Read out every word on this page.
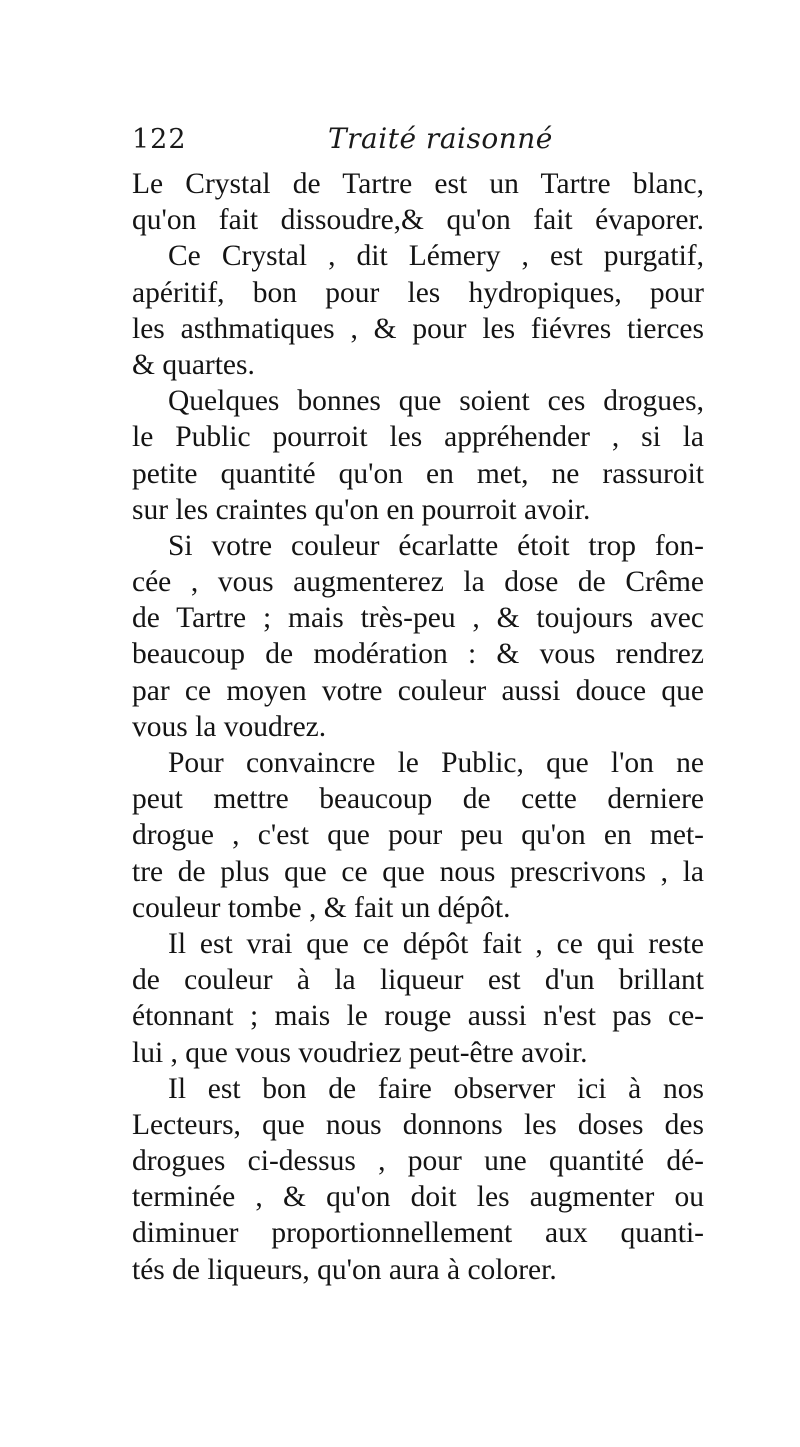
122	Traité raisonné
Le Crystal de Tartre est un Tartre blanc,
qu'on fait dissoudre,& qu'on fait évaporer.
Ce Crystal , dit Lémery , est purgatif,
apéritif, bon pour les hydropiques, pour
les asthmatiques , & pour les fiévres tierces
& quartes.
Quelques bonnes que soient ces drogues,
le Public pourroit les appréhender , si la
petite quantité qu'on en met, ne rassuroit
sur les craintes qu'on en pourroit avoir.
Si votre couleur écarlatte étoit trop fon-
cée , vous augmenterez la dose de Crême
de Tartre ; mais très-peu , & toujours avec
beaucoup de modération : & vous rendrez
par ce moyen votre couleur aussi douce que
vous la voudrez.
Pour convaincre le Public, que l'on ne
peut mettre beaucoup de cette derniere
drogue , c'est que pour peu qu'on en met-
tre de plus que ce que nous prescrivons , la
couleur tombe , & fait un dépôt.
Il est vrai que ce dépôt fait , ce qui reste
de couleur à la liqueur est d'un brillant
étonnant ; mais le rouge aussi n'est pas ce-
lui , que vous voudriez peut-être avoir.
Il est bon de faire observer ici à nos
Lecteurs, que nous donnons les doses des
drogues ci-dessus , pour une quantité dé-
terminée , & qu'on doit les augmenter ou
diminuer proportionnellement aux quanti-
tés de liqueurs, qu'on aura à colorer.
